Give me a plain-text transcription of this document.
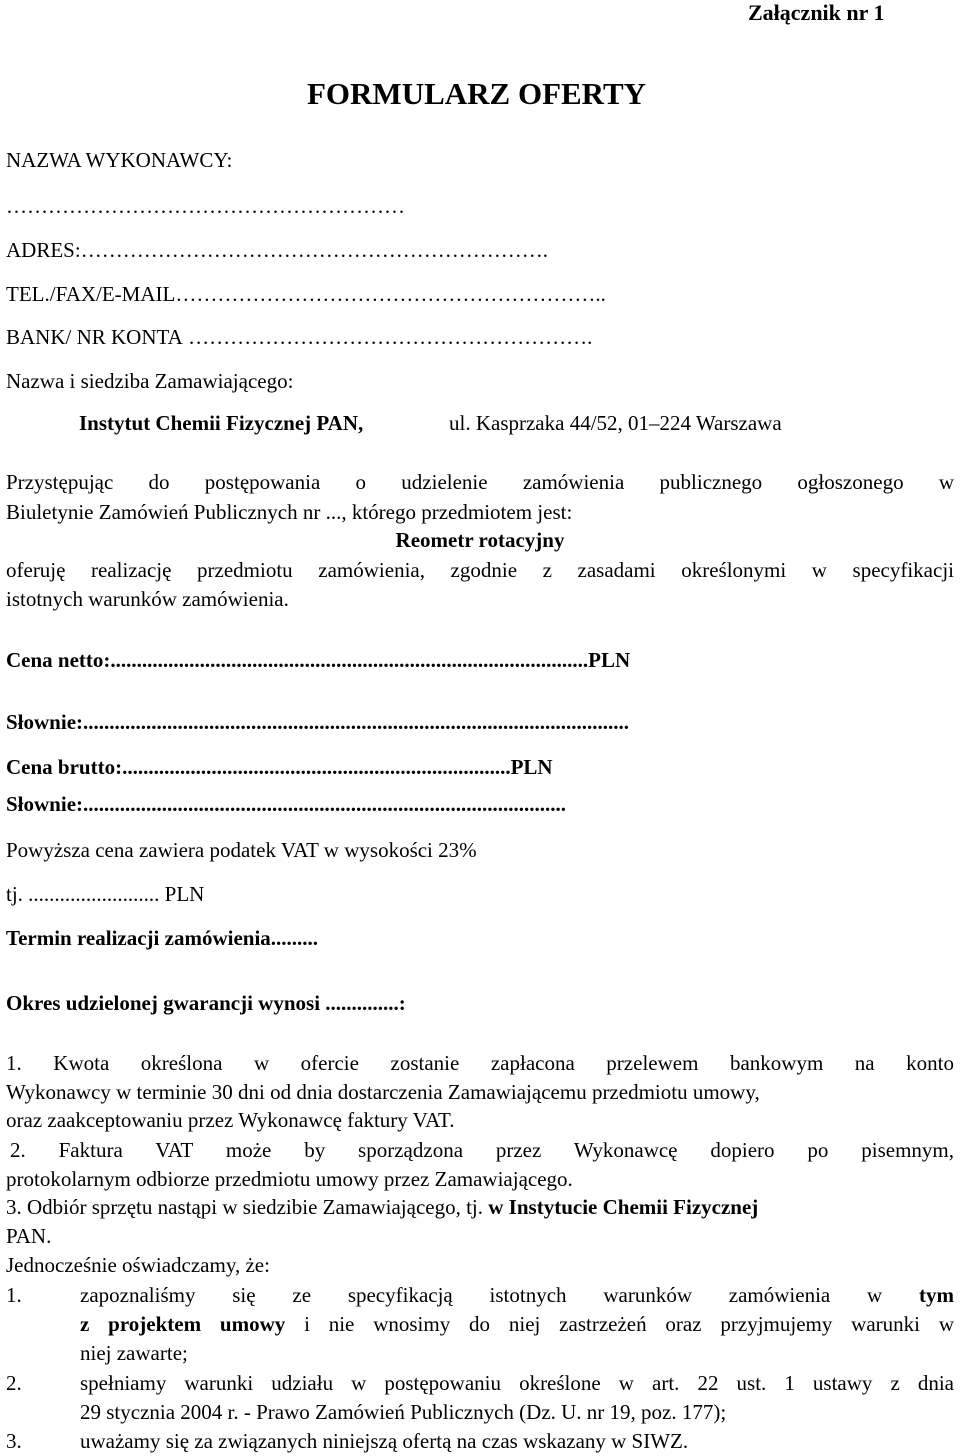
Załącznik nr 1
FORMULARZ OFERTY
NAZWA WYKONAWCY:
…………………………………………………
ADRES:………………………………………………………….
TEL./FAX/E-MAIL……………………………………………………..
BANK/ NR KONTA ………………………………………………….
Nazwa i siedziba Zamawiającego:
Instytut Chemii Fizycznej PAN,	ul. Kasprzaka 44/52, 01–224 Warszawa
Przystępując do postępowania o udzielenie zamówienia publicznego ogłoszonego w
Biuletynie Zamówień Publicznych nr ..., którego przedmiotem jest:
Reometr rotacyjny
oferuję realizację przedmiotu zamówienia, zgodnie z zasadami określonymi w specyfikacji
istotnych warunków zamówienia.
Cena netto:...........................................................................................PLN
Słownie:........................................................................................................
Cena brutto:..........................................................................PLN
Słownie:............................................................................................
Powyższa cena zawiera podatek VAT w wysokości 23%
tj. ......................... PLN
Termin realizacji zamówienia.........
Okres udzielonej gwarancji wynosi ..............:
1. Kwota określona w ofercie zostanie zapłacona przelewem bankowym na konto
Wykonawcy w terminie 30 dni od dnia dostarczenia Zamawiającemu przedmiotu umowy,
oraz zaakceptowaniu przez Wykonawcę faktury VAT.
2. Faktura VAT może by sporządzona przez Wykonawcę dopiero po pisemnym,
protokolarnym odbiorze przedmiotu umowy przez Zamawiającego.
3. Odbiór sprzętu nastąpi w siedzibie Zamawiającego, tj. w Instytucie Chemii Fizycznej
PAN.
Jednocześnie oświadczamy, że:
1.	zapoznaliśmy się ze specyfikacją istotnych warunków zamówienia w tym
z projektem umowy i nie wnosimy do niej zastrzeżeń oraz przyjmujemy warunki w
niej zawarte;
2.	spełniamy warunki udziału w postępowaniu określone w art. 22 ust. 1 ustawy z dnia
29 stycznia 2004 r. - Prawo Zamówień Publicznych (Dz. U. nr 19, poz. 177);
3.	uważamy się za związanych niniejszą ofertą na czas wskazany w SIWZ.
